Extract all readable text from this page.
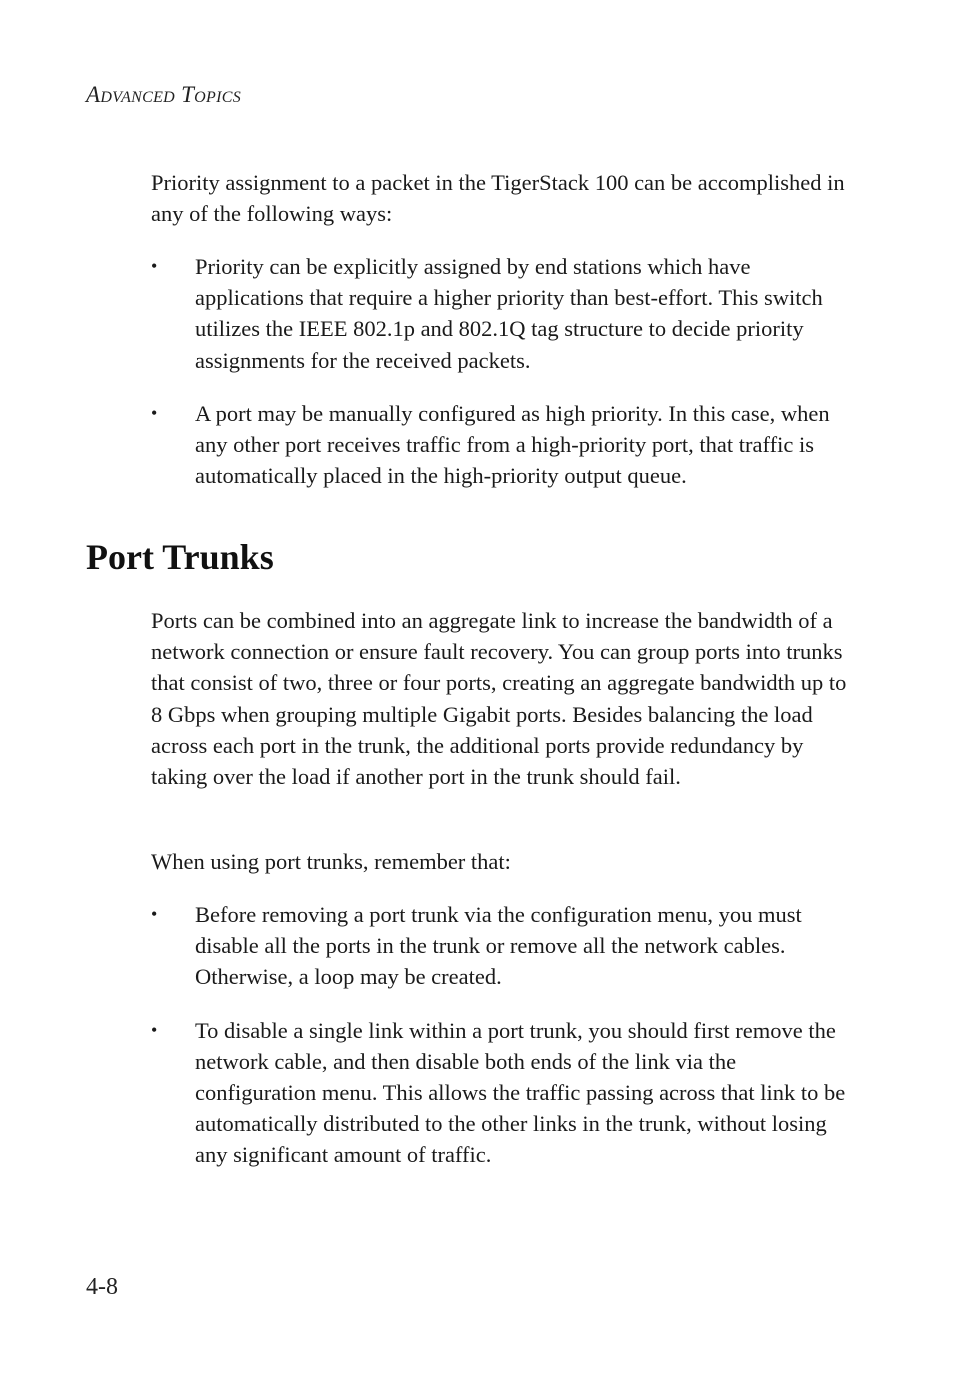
Advanced Topics

Priority assignment to a packet in the TigerStack 100 can be accomplished in any of the following ways:

•	Priority can be explicitly assigned by end stations which have applications that require a higher priority than best-effort. This switch utilizes the IEEE 802.1p and 802.1Q tag structure to decide priority assignments for the received packets.
•	A port may be manually configured as high priority. In this case, when any other port receives traffic from a high-priority port, that traffic is automatically placed in the high-priority output queue.
Port Trunks

Ports can be combined into an aggregate link to increase the bandwidth of a network connection or ensure fault recovery. You can group ports into trunks that consist of two, three or four ports, creating an aggregate bandwidth up to 8 Gbps when grouping multiple Gigabit ports. Besides balancing the load across each port in the trunk, the additional ports provide redundancy by taking over the load if another port in the trunk should fail.

When using port trunks, remember that:

•	Before removing a port trunk via the configuration menu, you must disable all the ports in the trunk or remove all the network cables. Otherwise, a loop may be created.
•	To disable a single link within a port trunk, you should first remove the network cable, and then disable both ends of the link via the configuration menu. This allows the traffic passing across that link to be automatically distributed to the other links in the trunk, without losing any significant amount of traffic.
4-8
